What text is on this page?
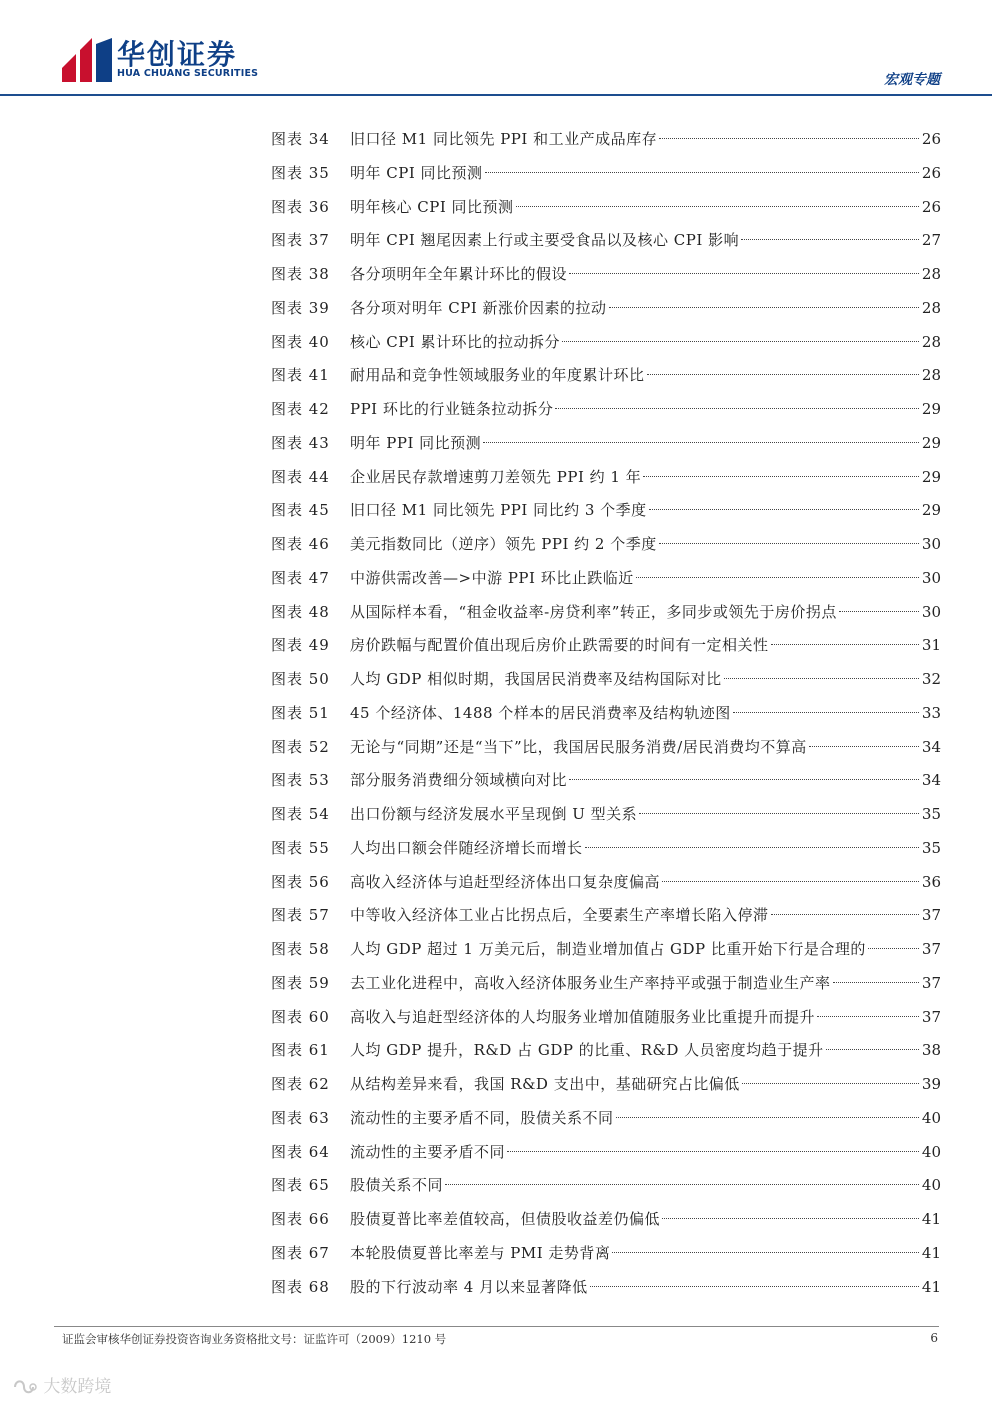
华创证券
HUA CHUANG SECURITIES	宏观专题
图表 34	旧口径 M1 同比领先 PPI 和工业产成品库存	26
图表 35	明年 CPI 同比预测	26
图表 36	明年核心 CPI 同比预测	26
图表 37	明年 CPI 翘尾因素上行或主要受食品以及核心 CPI 影响	27
图表 38	各分项明年全年累计环比的假设	28
图表 39	各分项对明年 CPI 新涨价因素的拉动	28
图表 40	核心 CPI 累计环比的拉动拆分	28
图表 41	耐用品和竞争性领域服务业的年度累计环比	28
图表 42	PPI 环比的行业链条拉动拆分	29
图表 43	明年 PPI 同比预测	29
图表 44	企业居民存款增速剪刀差领先 PPI 约 1 年	29
图表 45	旧口径 M1 同比领先 PPI 同比约 3 个季度	29
图表 46	美元指数同比（逆序）领先 PPI 约 2 个季度	30
图表 47	中游供需改善—>中游 PPI 环比止跌临近	30
图表 48	从国际样本看，“租金收益率-房贷利率”转正，多同步或领先于房价拐点	30
图表 49	房价跌幅与配置价值出现后房价止跌需要的时间有一定相关性	31
图表 50	人均 GDP 相似时期，我国居民消费率及结构国际对比	32
图表 51	45 个经济体、1488 个样本的居民消费率及结构轨迹图	33
图表 52	无论与“同期”还是“当下”比，我国居民服务消费/居民消费均不算高	34
图表 53	部分服务消费细分领域横向对比	34
图表 54	出口份额与经济发展水平呈现倒 U 型关系	35
图表 55	人均出口额会伴随经济增长而增长	35
图表 56	高收入经济体与追赶型经济体出口复杂度偏高	36
图表 57	中等收入经济体工业占比拐点后，全要素生产率增长陷入停滞	37
图表 58	人均 GDP 超过 1 万美元后，制造业增加值占 GDP 比重开始下行是合理的	37
图表 59	去工业化进程中，高收入经济体服务业生产率持平或强于制造业生产率	37
图表 60	高收入与追赶型经济体的人均服务业增加值随服务业比重提升而提升	37
图表 61	人均 GDP 提升，R&D 占 GDP 的比重、R&D 人员密度均趋于提升	38
图表 62	从结构差异来看，我国 R&D 支出中，基础研究占比偏低	39
图表 63	流动性的主要矛盾不同，股债关系不同	40
图表 64	流动性的主要矛盾不同	40
图表 65	股债关系不同	40
图表 66	股债夏普比率差值较高，但债股收益差仍偏低	41
图表 67	本轮股债夏普比率差与 PMI 走势背离	41
图表 68	股的下行波动率 4 月以来显著降低	41
证监会审核华创证券投资咨询业务资格批文号：证监许可（2009）1210 号	6
大数跨境
